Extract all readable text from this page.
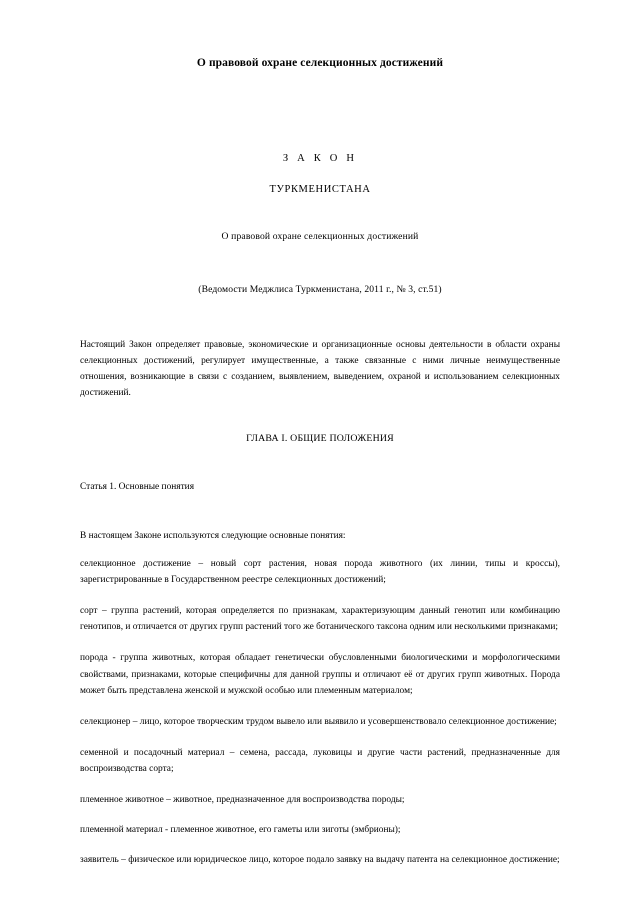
О правовой охране селекционных достижений

З А К О Н

ТУРКМЕНИСТАНА

О правовой охране селекционных достижений

(Ведомости Меджлиса Туркменистана, 2011 г., № 3, ст.51)

Настоящий Закон определяет правовые, экономические и организационные основы деятельности в области охраны селекционных достижений, регулирует имущественные, а также связанные с ними личные неимущественные отношения, возникающие в связи с созданием, выявлением, выведением, охраной и использованием селекционных достижений.

ГЛАВА I. ОБЩИЕ ПОЛОЖЕНИЯ

Статья 1. Основные понятия

В настоящем Законе используются следующие основные понятия:

селекционное достижение – новый сорт растения, новая порода животного (их линии, типы и кроссы), зарегистрированные в Государственном реестре селекционных достижений;

сорт – группа растений, которая определяется по признакам, характеризующим данный генотип или комбинацию генотипов, и отличается от других групп растений того же ботанического таксона одним или несколькими признаками;

порода - группа животных, которая обладает генетически обусловленными биологическими и морфологическими свойствами, признаками, которые специфичны для данной группы и отличают её от других групп животных. Порода может быть представлена женской и мужской особью или племенным материалом;

селекционер – лицо, которое творческим трудом вывело или выявило и усовершенствовало селекционное достижение;

семенной и посадочный материал – семена, рассада, луковицы и другие части растений, предназначенные для воспроизводства сорта;

племенное животное – животное, предназначенное для воспроизводства породы;

племенной материал - племенное животное, его гаметы или зиготы (эмбрионы);

заявитель – физическое или юридическое лицо, которое подало заявку на выдачу патента на селекционное достижение;
